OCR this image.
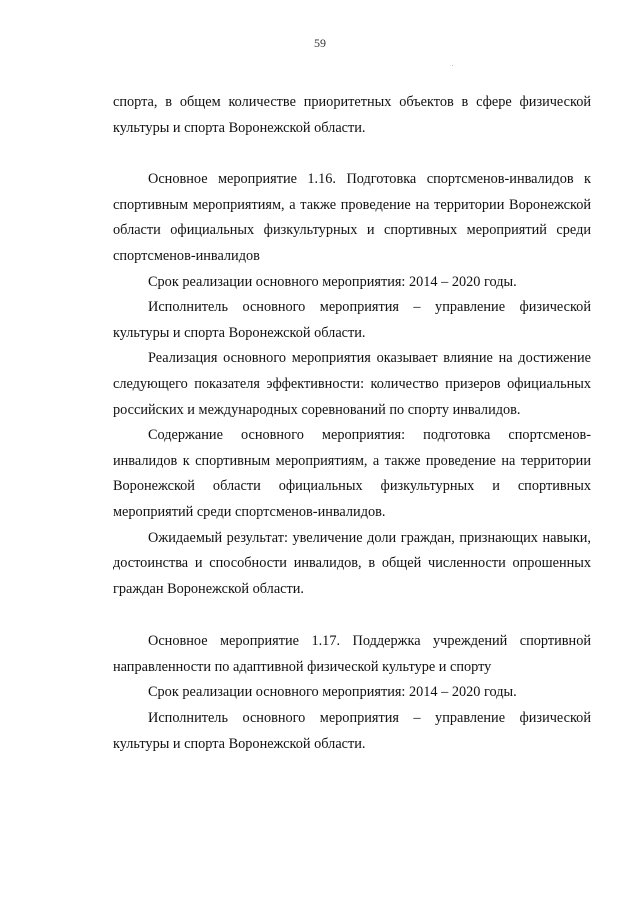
59

спорта, в общем количестве приоритетных объектов в сфере физической культуры и спорта Воронежской области.

Основное мероприятие 1.16. Подготовка спортсменов-инвалидов к спортивным мероприятиям, а также проведение на территории Воронежской области официальных физкультурных и спортивных мероприятий среди спортсменов-инвалидов

Срок реализации основного мероприятия: 2014 – 2020 годы.

Исполнитель основного мероприятия – управление физической культуры и спорта Воронежской области.

Реализация основного мероприятия оказывает влияние на достижение следующего показателя эффективности: количество призеров официальных российских и международных соревнований по спорту инвалидов.

Содержание основного мероприятия: подготовка спортсменов-инвалидов к спортивным мероприятиям, а также проведение на территории Воронежской области официальных физкультурных и спортивных мероприятий среди спортсменов-инвалидов.

Ожидаемый результат: увеличение доли граждан, признающих навыки, достоинства и способности инвалидов, в общей численности опрошенных граждан Воронежской области.

Основное мероприятие 1.17. Поддержка учреждений спортивной направленности по адаптивной физической культуре и спорту

Срок реализации основного мероприятия: 2014 – 2020 годы.

Исполнитель основного мероприятия – управление физической культуры и спорта Воронежской области.
